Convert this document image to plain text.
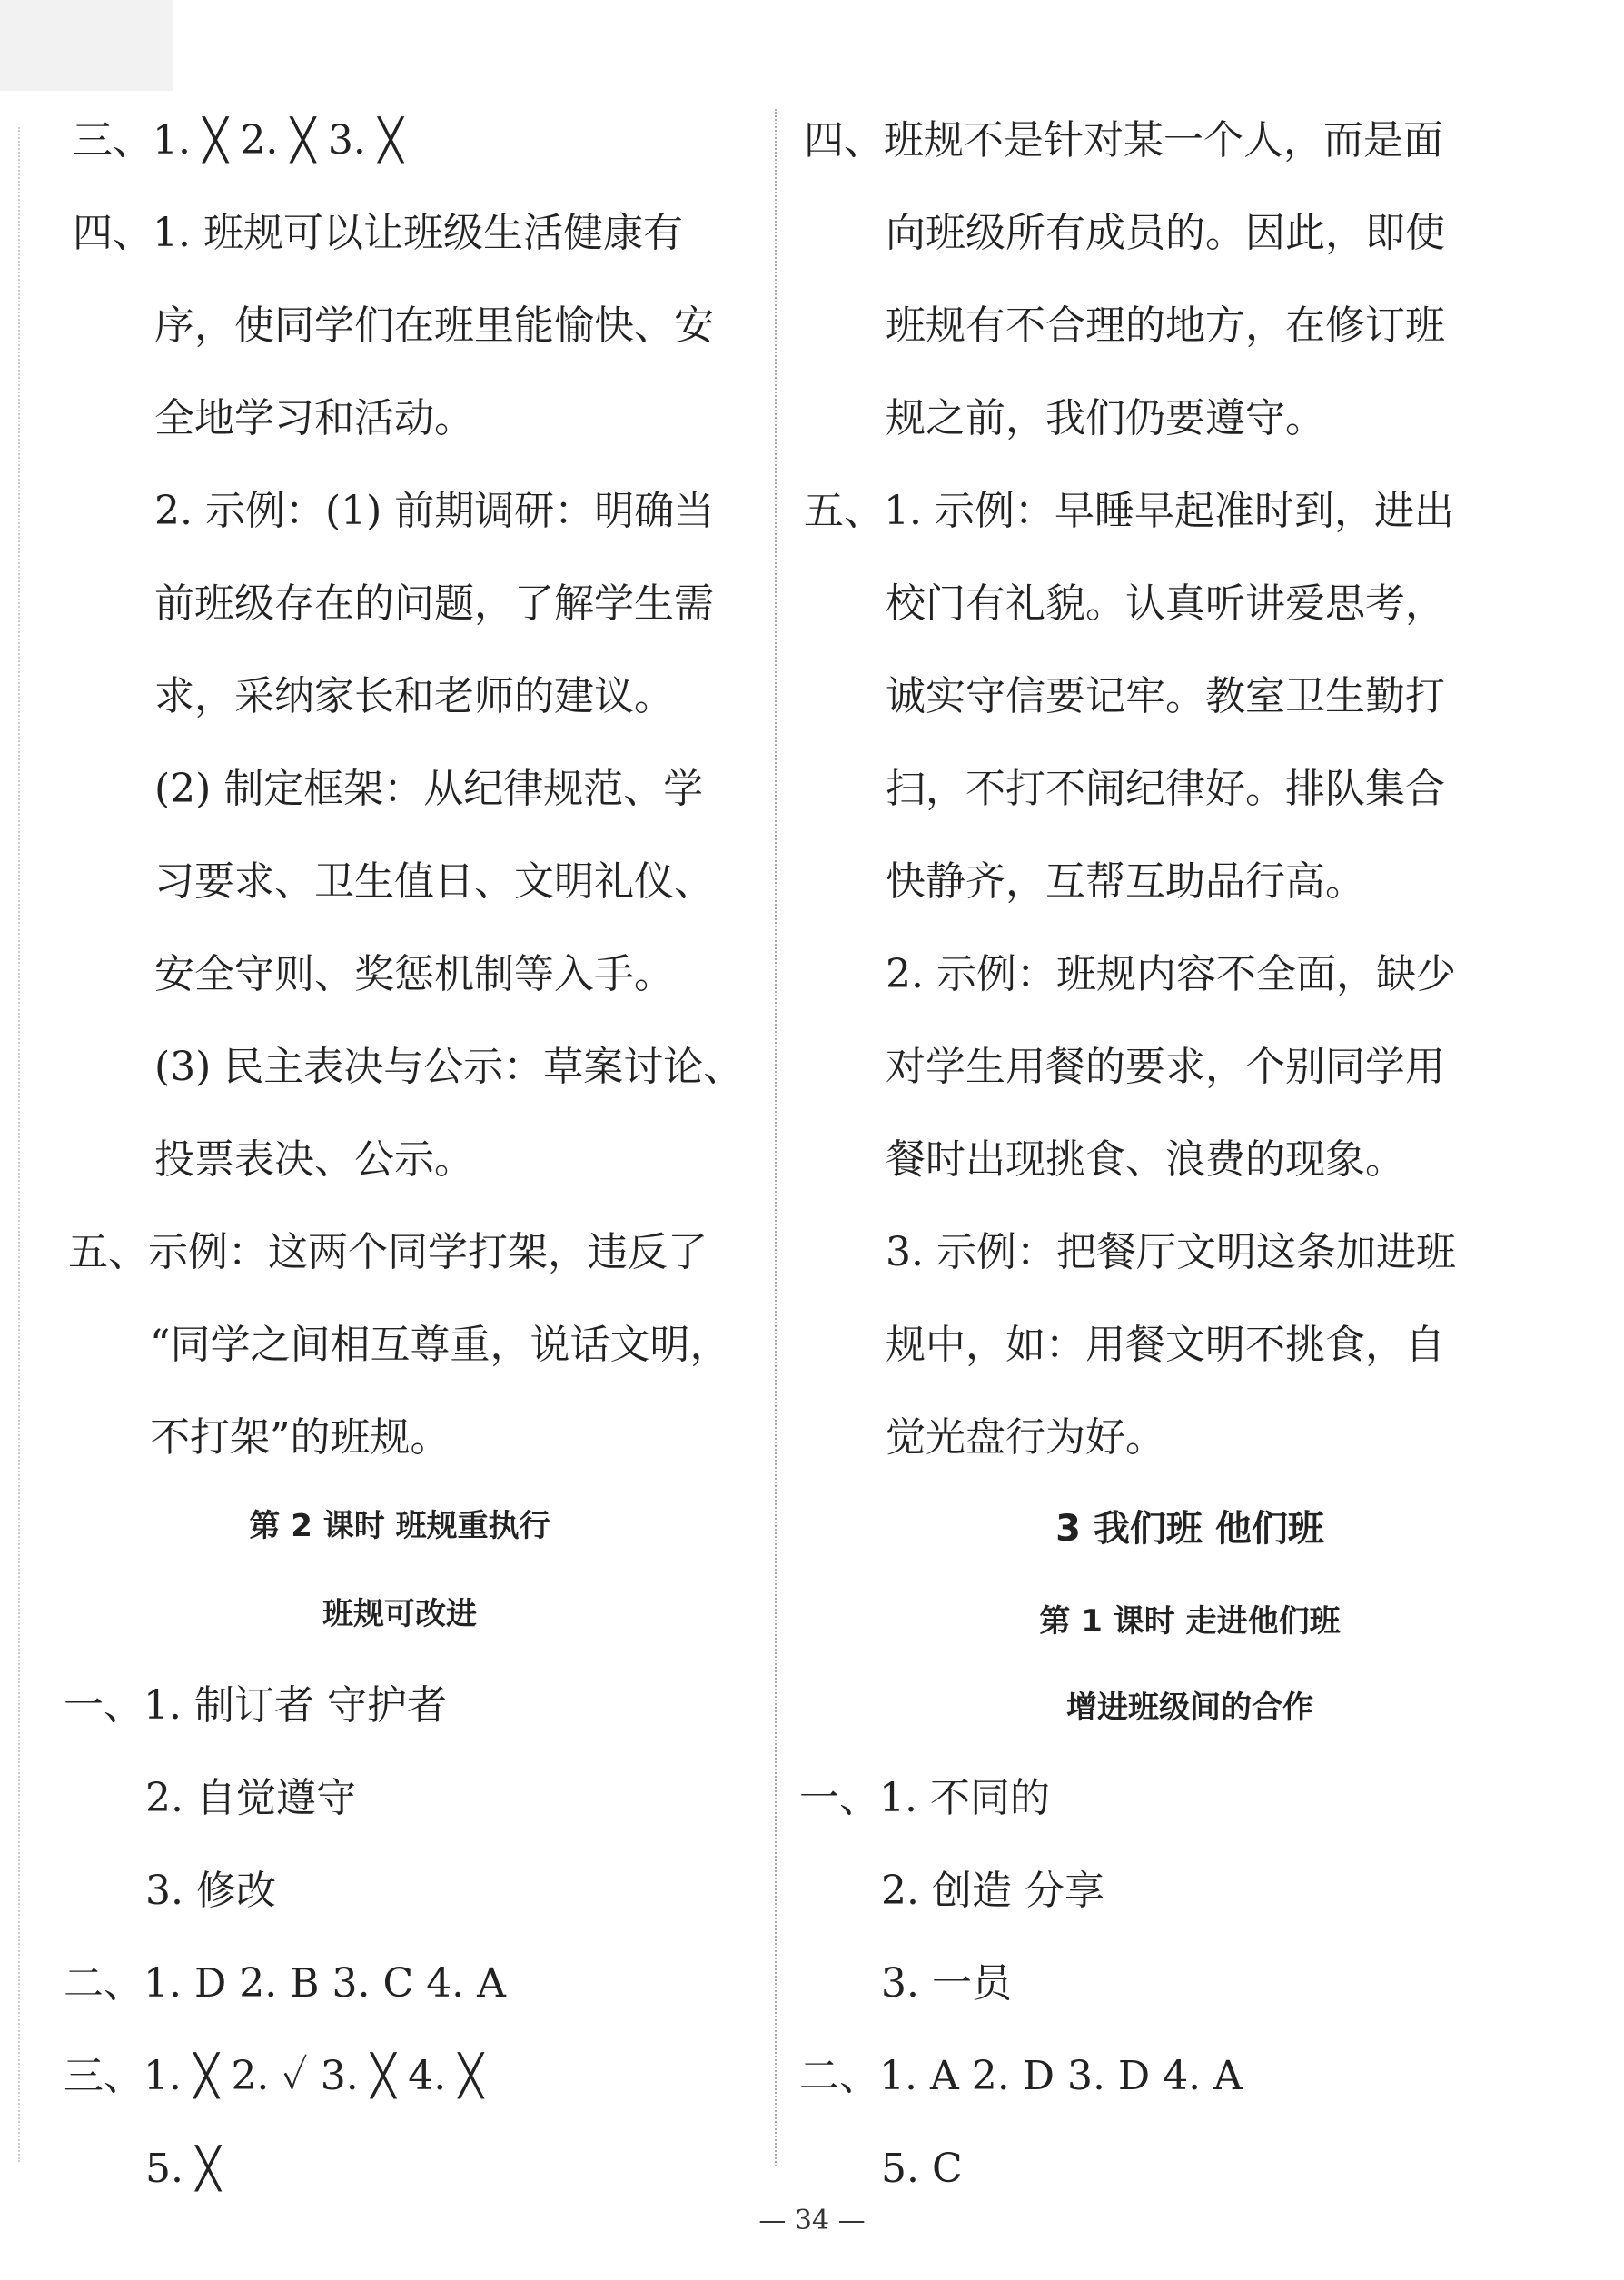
三、1. ╳ 2. ╳ 3. ╳
四、1. 班规可以让班级生活健康有
序，使同学们在班里能愉快、安
全地学习和活动。
2. 示例：(1) 前期调研：明确当
前班级存在的问题，了解学生需
求，采纳家长和老师的建议。
(2) 制定框架：从纪律规范、学
习要求、卫生值日、文明礼仪、
安全守则、奖惩机制等入手。
(3) 民主表决与公示：草案讨论、
投票表决、公示。
五、示例：这两个同学打架，违反了
“同学之间相互尊重，说话文明，
不打架”的班规。
第 2 课时 班规重执行
班规可改进
一、1. 制订者 守护者
2. 自觉遵守
3. 修改
二、1. D 2. B 3. C 4. A
三、1. ╳ 2. ✓ 3. ╳ 4. ╳
5. ╳
四、班规不是针对某一个人，而是面
向班级所有成员的。因此，即使
班规有不合理的地方，在修订班
规之前，我们仍要遵守。
五、1. 示例：早睡早起准时到，进出
校门有礼貌。认真听讲爱思考，
诚实守信要记牢。教室卫生勤打
扫，不打不闹纪律好。排队集合
快静齐，互帮互助品行高。
2. 示例：班规内容不全面，缺少
对学生用餐的要求，个别同学用
餐时出现挑食、浪费的现象。
3. 示例：把餐厅文明这条加进班
规中，如：用餐文明不挑食，自
觉光盘行为好。
3 我们班 他们班
第 1 课时 走进他们班
增进班级间的合作
一、1. 不同的
2. 创造 分享
3. 一员
二、1. A 2. D 3. D 4. A
5. C
— 34 —
